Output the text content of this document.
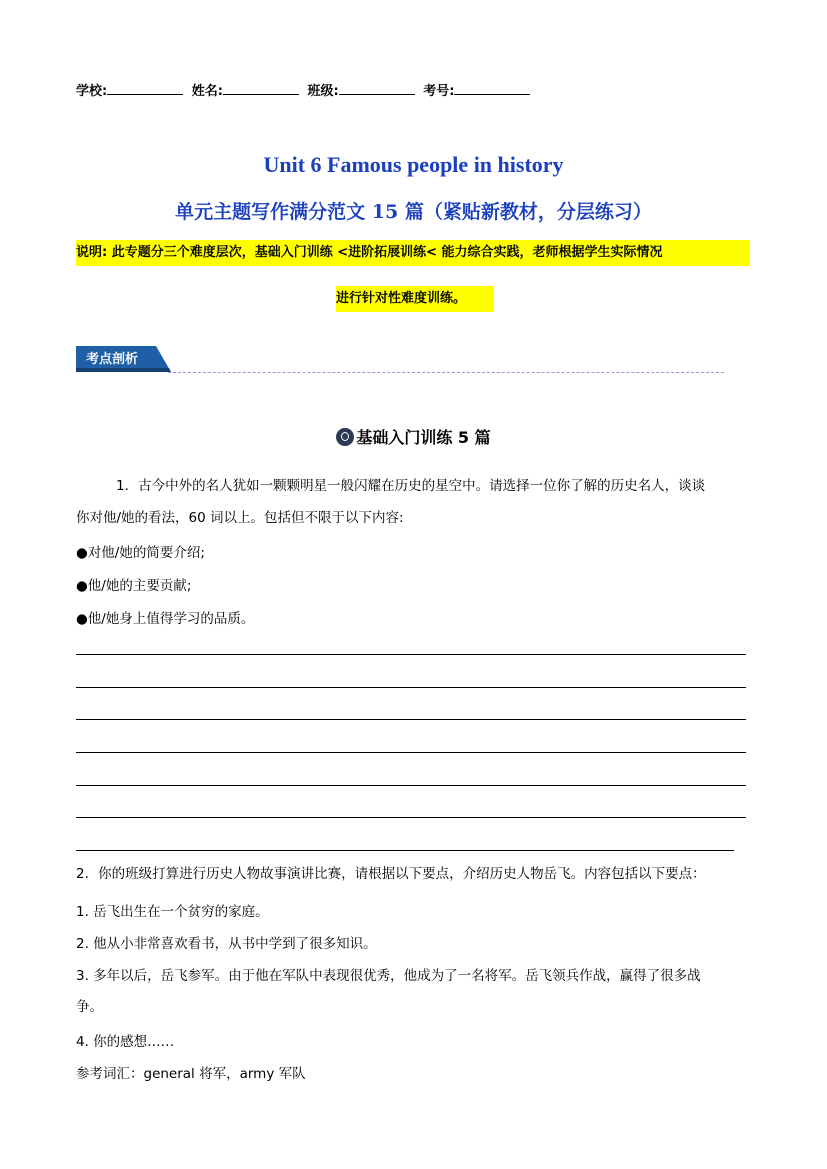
学校:	姓名:	班级:	考号:
Unit 6 Famous people in history
单元主题写作满分范文 15 篇（紧贴新教材，分层练习）
说明: 此专题分三个难度层次，基础入门训练 <进阶拓展训练< 能力综合实践，老师根据学生实际情况
进行针对性难度训练。
考点剖析
基础入门训练 5 篇
1．古今中外的名人犹如一颗颗明星一般闪耀在历史的星空中。请选择一位你了解的历史名人，谈谈
你对他/她的看法，60 词以上。包括但不限于以下内容:
●对他/她的简要介绍;
●他/她的主要贡献;
●他/她身上值得学习的品质。
2．你的班级打算进行历史人物故事演讲比赛，请根据以下要点，介绍历史人物岳飞。内容包括以下要点：
1. 岳飞出生在一个贫穷的家庭。
2. 他从小非常喜欢看书，从书中学到了很多知识。
3. 多年以后，岳飞参军。由于他在军队中表现很优秀，他成为了一名将军。岳飞领兵作战，赢得了很多战
争。
4. 你的感想……
参考词汇：general 将军，army 军队
